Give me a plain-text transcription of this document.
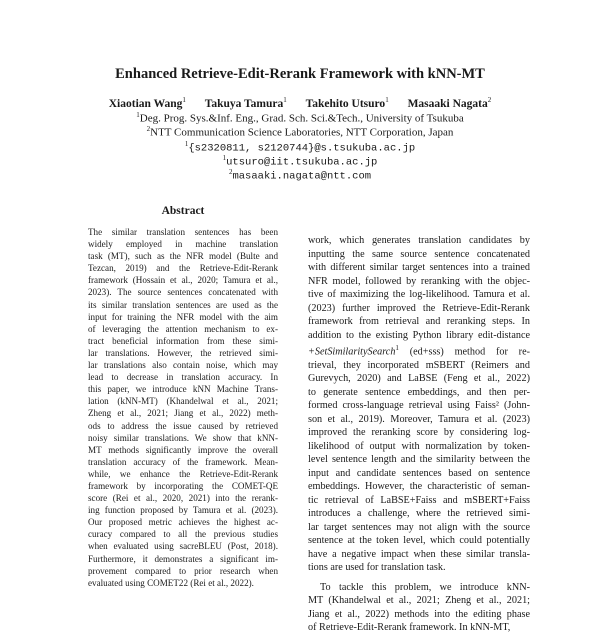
Enhanced Retrieve-Edit-Rerank Framework with kNN-MT
Xiaotian Wang$^1$ Takuya Tamura$^1$ Takehito Utsuro$^1$ Masaaki Nagata$^2$
$^1$Deg. Prog. Sys.&Inf. Eng., Grad. Sch. Sci.&Tech., University of Tsukuba
$^2$NTT Communication Science Laboratories, NTT Corporation, Japan
$^1${s2320811, s2120744}@s.tsukuba.ac.jp
$^1$utsuro@iit.tsukuba.ac.jp
$^2$masaaki.nagata@ntt.com
Abstract
The similar translation sentences has been
widely employed in machine translation
task (MT), such as the NFR model (Bulte and
Tezcan, 2019) and the Retrieve-Edit-Rerank
framework (Hossain et al., 2020; Tamura et al.,
2023). The source sentences concatenated with
its similar translation sentences are used as the
input for training the NFR model with the aim
of leveraging the attention mechanism to ex-
tract beneficial information from these simi-
lar translations. However, the retrieved simi-
lar translations also contain noise, which may
lead to decrease in translation accuracy. In
this paper, we introduce kNN Machine Trans-
lation (kNN-MT) (Khandelwal et al., 2021;
Zheng et al., 2021; Jiang et al., 2022) meth-
ods to address the issue caused by retrieved
noisy similar translations. We show that kNN-
MT methods significantly improve the overall
translation accuracy of the framework. Mean-
while, we enhance the Retrieve-Edit-Rerank
framework by incorporating the COMET-QE
score (Rei et al., 2020, 2021) into the rerank-
ing function proposed by Tamura et al. (2023).
Our proposed metric achieves the highest ac-
curacy compared to all the previous studies
when evaluated using sacreBLEU (Post, 2018).
Furthermore, it demonstrates a significant im-
provement compared to prior research when
evaluated using COMET22 (Rei et al., 2022).
work, which generates translation candidates by
inputting the same source sentence concatenated
with different similar target sentences into a trained
NFR model, followed by reranking with the objec-
tive of maximizing the log-likelihood. Tamura et al.
(2023) further improved the Retrieve-Edit-Rerank
framework from retrieval and reranking steps. In
addition to the existing Python library edit-distance
+SetSimilaritySearch$^1$ (ed+sss) method for re-
trieval, they incorporated mSBERT (Reimers and
Gurevych, 2020) and LaBSE (Feng et al., 2022)
to generate sentence embeddings, and then per-
formed cross-language retrieval using Faiss² (John-
son et al., 2019). Moreover, Tamura et al. (2023)
improved the reranking score by considering log-
likelihood of output with normalization by token-
level sentence length and the similarity between the
input and candidate sentences based on sentence
embeddings. However, the characteristic of seman-
tic retrieval of LaBSE+Faiss and mSBERT+Faiss
introduces a challenge, where the retrieved simi-
lar target sentences may not align with the source
sentence at the token level, which could potentially
have a negative impact when these similar transla-
tions are used for translation task.
To tackle this problem, we introduce kNN-
MT (Khandelwal et al., 2021; Zheng et al., 2021;
Jiang et al., 2022) methods into the editing phase
of Retrieve-Edit-Rerank framework. In kNN-MT,
